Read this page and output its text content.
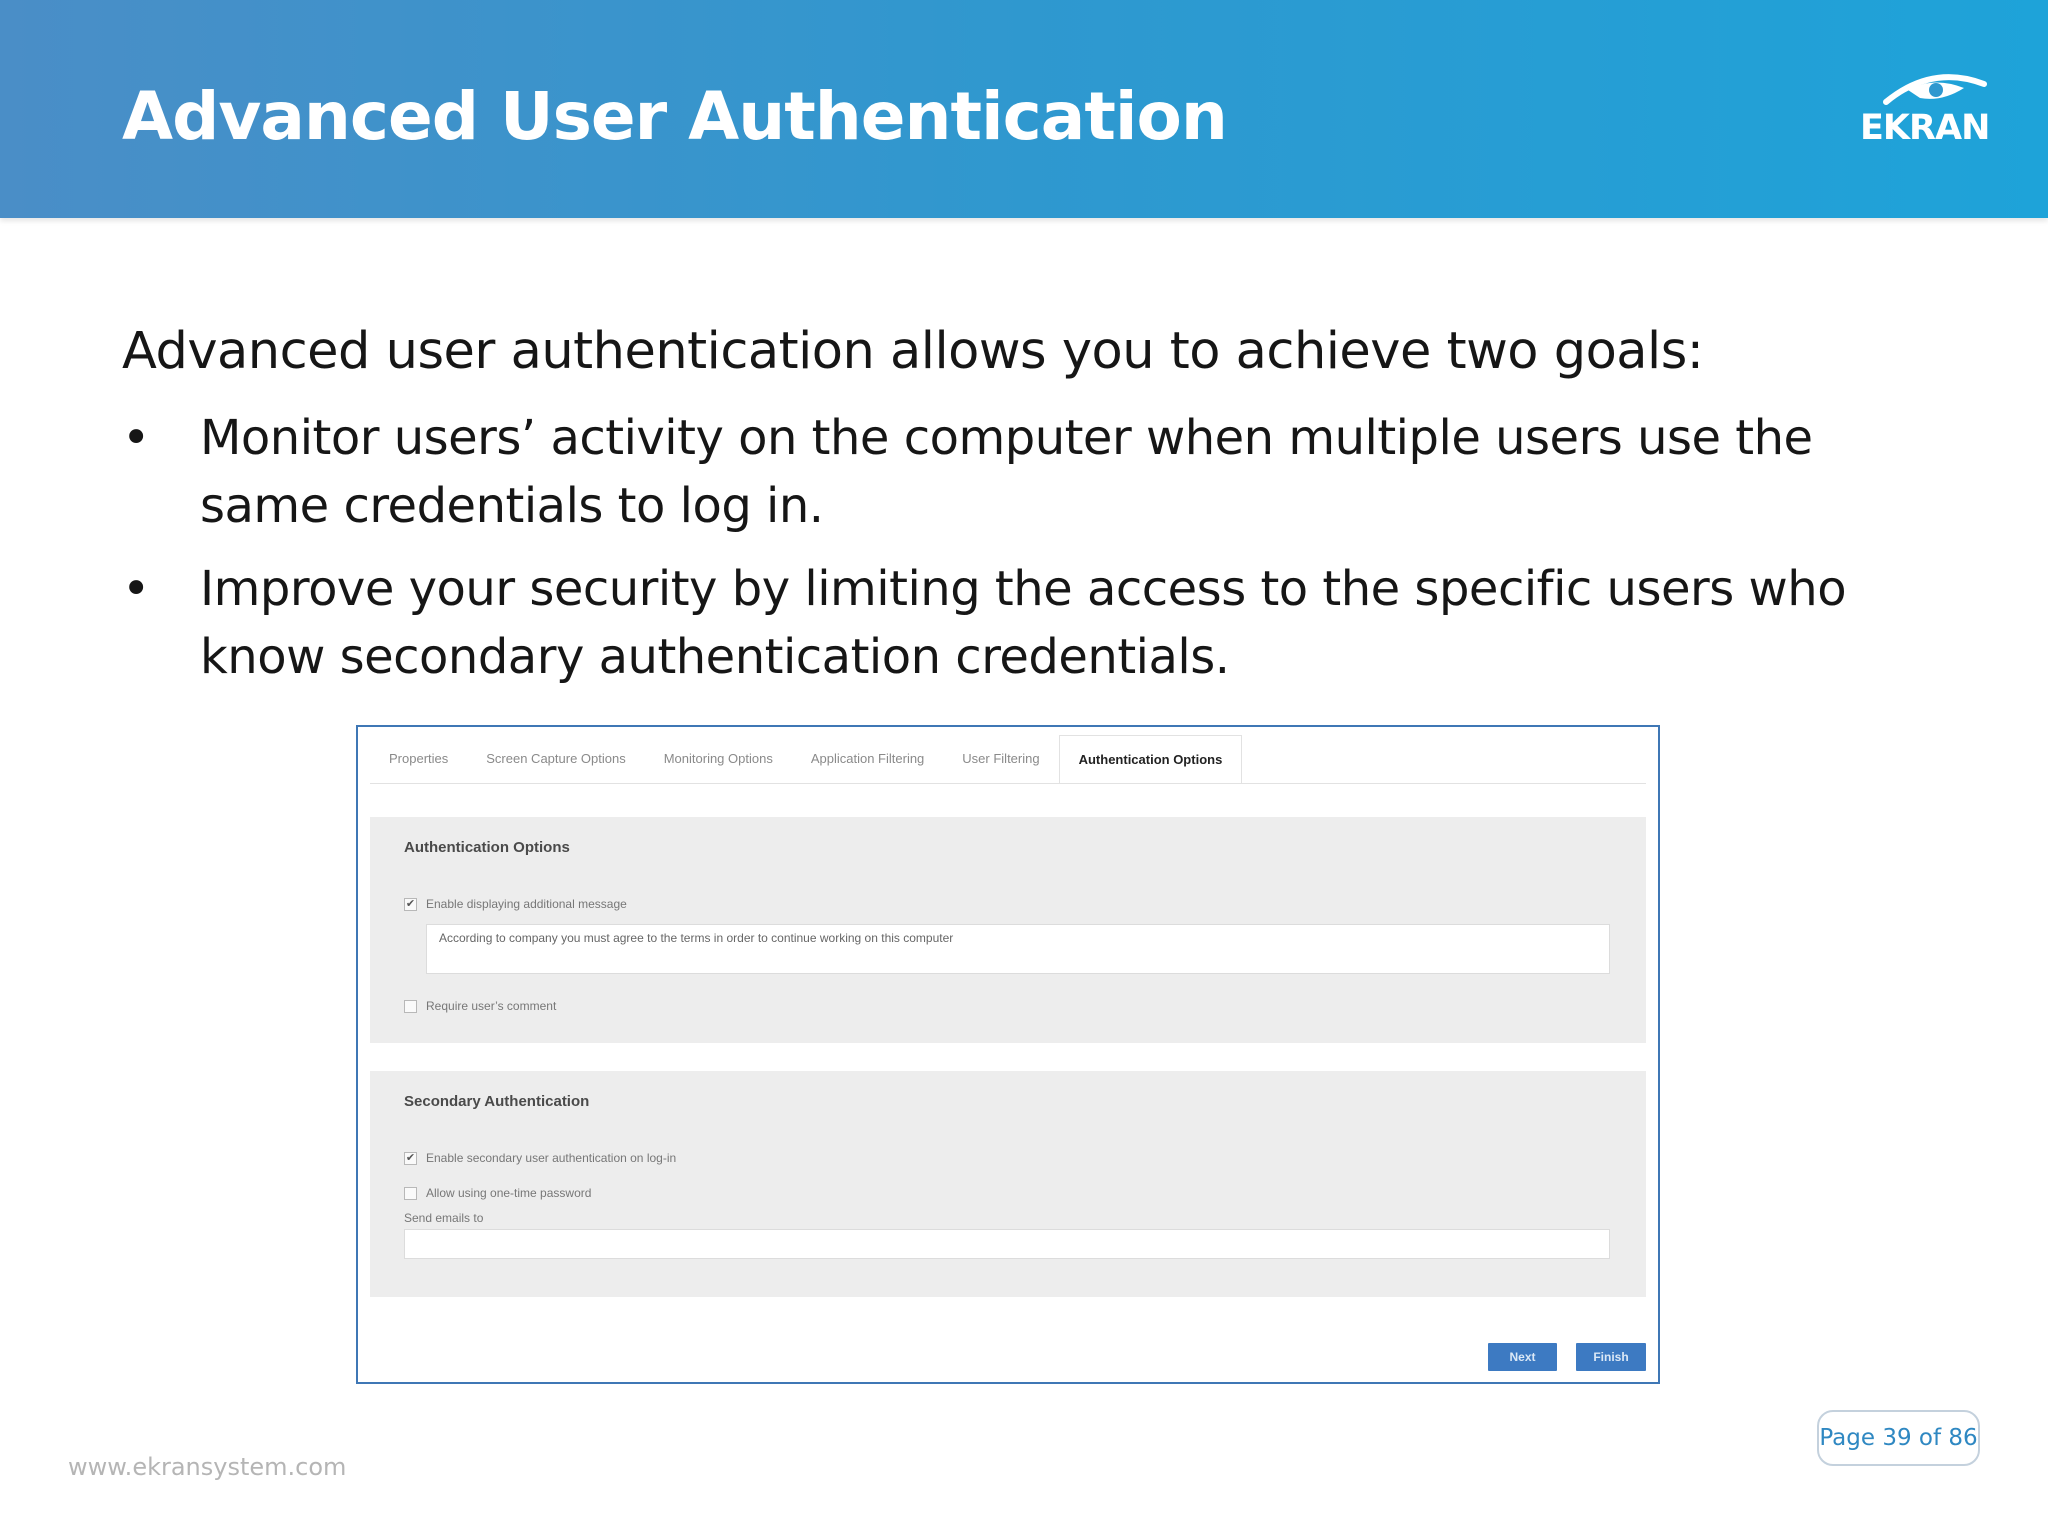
Advanced User Authentication	EKRAN
Advanced user authentication allows you to achieve two goals:
• Monitor users’ activity on the computer when multiple users use the same credentials to log in.
• Improve your security by limiting the access to the specific users who know secondary authentication credentials.
Properties	Screen Capture Options	Monitoring Options	Application Filtering	User Filtering	Authentication Options
Authentication Options
✔ Enable displaying additional message
According to company you must agree to the terms in order to continue working on this computer
Require user’s comment
Secondary Authentication
✔ Enable secondary user authentication on log-in
Allow using one-time password
Send emails to
Next	Finish
www.ekransystem.com
Page 39 of 86
